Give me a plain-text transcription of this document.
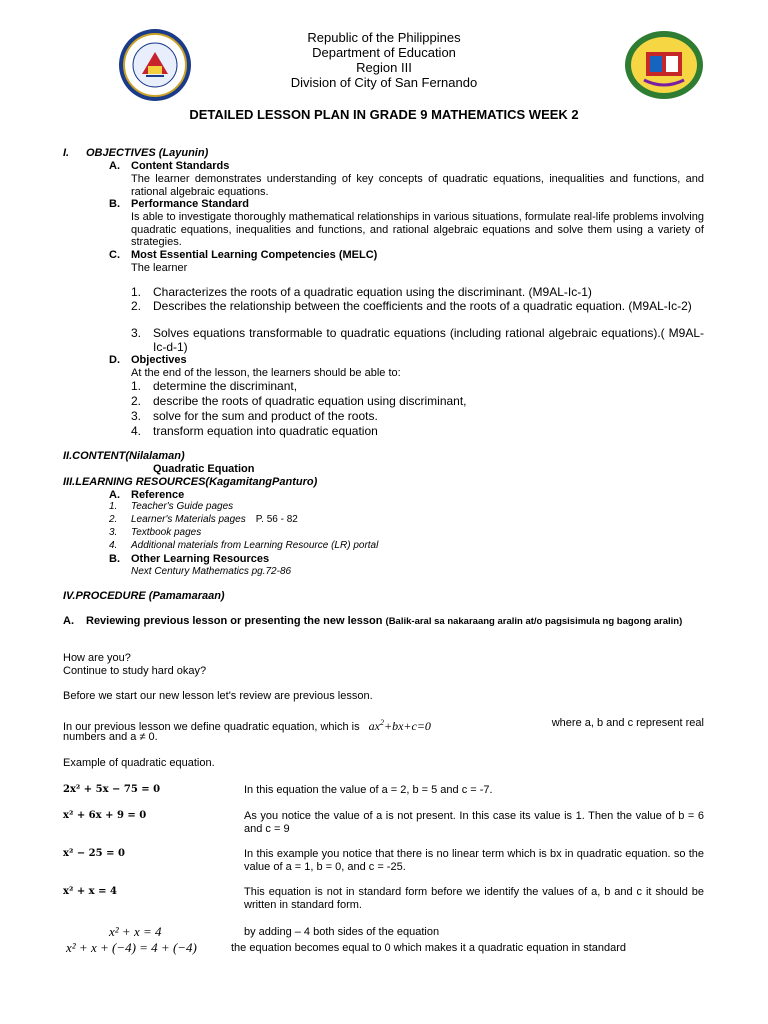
Republic of the Philippines
Department of Education
Region III
Division of City of San Fernando
DETAILED LESSON PLAN IN GRADE 9 MATHEMATICS WEEK 2
I. OBJECTIVES (Layunin)
A. Content Standards
The learner demonstrates understanding of key concepts of quadratic equations, inequalities and functions, and rational algebraic equations.
B. Performance Standard
Is able to investigate thoroughly mathematical relationships in various situations, formulate real-life problems involving quadratic equations, inequalities and functions, and rational algebraic equations and solve them using a variety of strategies.
C. Most Essential Learning Competencies (MELC)
The learner
1. Characterizes the roots of a quadratic equation using the discriminant. (M9AL-Ic-1)
2. Describes the relationship between the coefficients and the roots of a quadratic equation. (M9AL-Ic-2)
3. Solves equations transformable to quadratic equations (including rational algebraic equations).( M9AL-Ic-d-1)
D. Objectives
At the end of the lesson, the learners should be able to:
1. determine the discriminant,
2. describe the roots of quadratic equation using discriminant,
3. solve for the sum and product of the roots.
4. transform equation into quadratic equation
II.CONTENT(Nilalaman)
Quadratic Equation
III.LEARNING RESOURCES(KagamitangPanturo)
A. Reference
1. Teacher's Guide pages
2. Learner's Materials pages P. 56 - 82
3. Textbook pages
4. Additional materials from Learning Resource (LR) portal
B. Other Learning Resources
Next Century Mathematics pg.72-86
IV.PROCEDURE (Pamamaraan)
A. Reviewing previous lesson or presenting the new lesson (Balik-aral sa nakaraang aralin at/o pagsisimula ng bagong aralin)
How are you?
Continue to study hard okay?
Before we start our new lesson let's review are previous lesson.
In our previous lesson we define quadratic equation, which is $ax^2+bx+c=0$	where a, b and c represent real
numbers and a ≠ 0.
Example of quadratic equation.
2x² + 5x − 75 = 0	In this equation the value of a = 2, b = 5 and c = -7.
x² + 6x + 9 = 0	As you notice the value of a is not present. In this case its value is 1. Then the value of b = 6 and c = 9
x² − 25 = 0	In this example you notice that there is no linear term which is bx in quadratic equation. so the value of a = 1, b = 0, and c = -25.
x² + x = 4	This equation is not in standard form before we identify the values of a, b and c it should be written in standard form.
x² + x = 4	by adding – 4 both sides of the equation
x² + x + (−4) = 4 + (−4)	the equation becomes equal to 0 which makes it a quadratic equation in standard
